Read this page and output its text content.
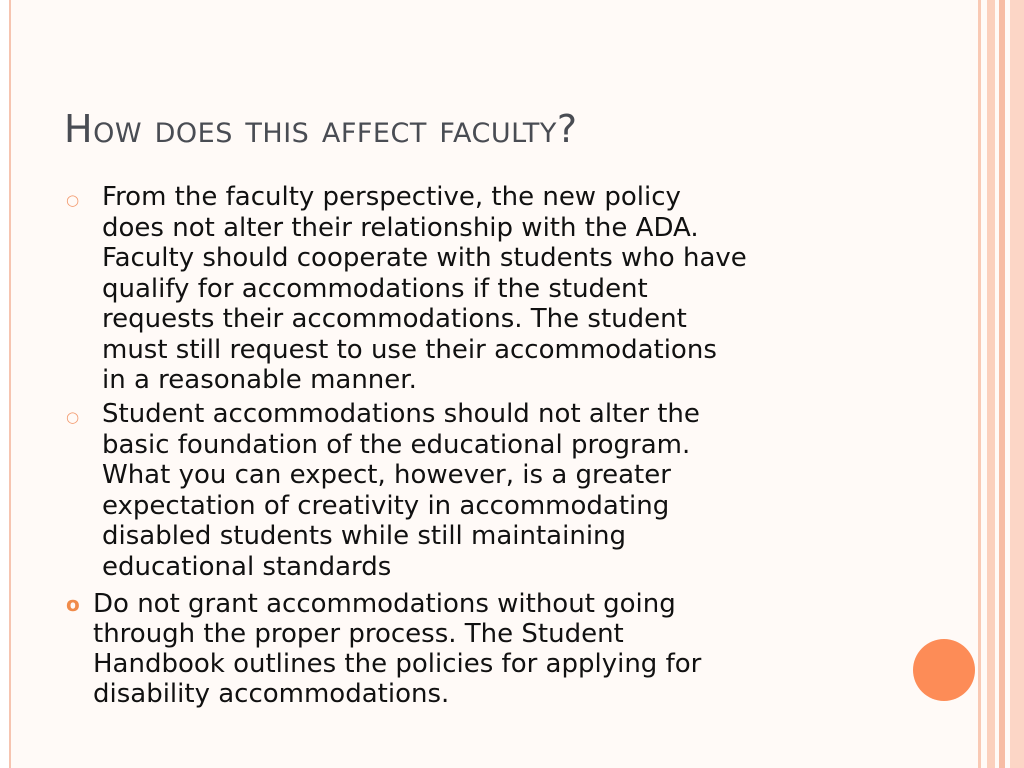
How does this affect faculty?
○ From the faculty perspective, the new policy
does not alter their relationship with the ADA.
Faculty should cooperate with students who have
qualify for accommodations if the student
requests their accommodations. The student
must still request to use their accommodations
in a reasonable manner.
○ Student accommodations should not alter the
basic foundation of the educational program.
What you can expect, however, is a greater
expectation of creativity in accommodating
disabled students while still maintaining
educational standards
o Do not grant accommodations without going
through the proper process. The Student
Handbook outlines the policies for applying for
disability accommodations.
